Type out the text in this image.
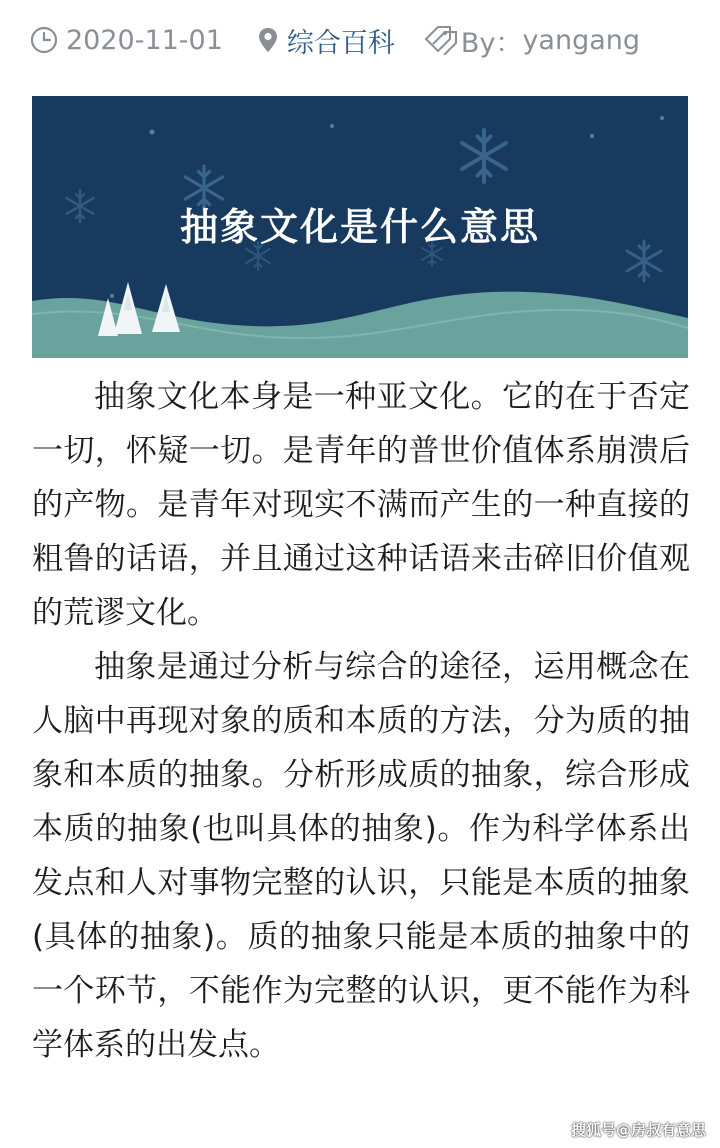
2020-11-01 综合百科 By： yangang
抽象文化是什么意思

抽象文化本身是一种亚文化。它的在于否定一切，怀疑一切。是青年的普世价值体系崩溃后的产物。是青年对现实不满而产生的一种直接的粗鲁的话语，并且通过这种话语来击碎旧价值观的荒谬文化。

抽象是通过分析与综合的途径，运用概念在人脑中再现对象的质和本质的方法，分为质的抽象和本质的抽象。分析形成质的抽象，综合形成本质的抽象(也叫具体的抽象)。作为科学体系出发点和人对事物完整的认识，只能是本质的抽象(具体的抽象)。质的抽象只能是本质的抽象中的一个环节，不能作为完整的认识，更不能作为科学体系的出发点。

搜狐号@房叔有意思
